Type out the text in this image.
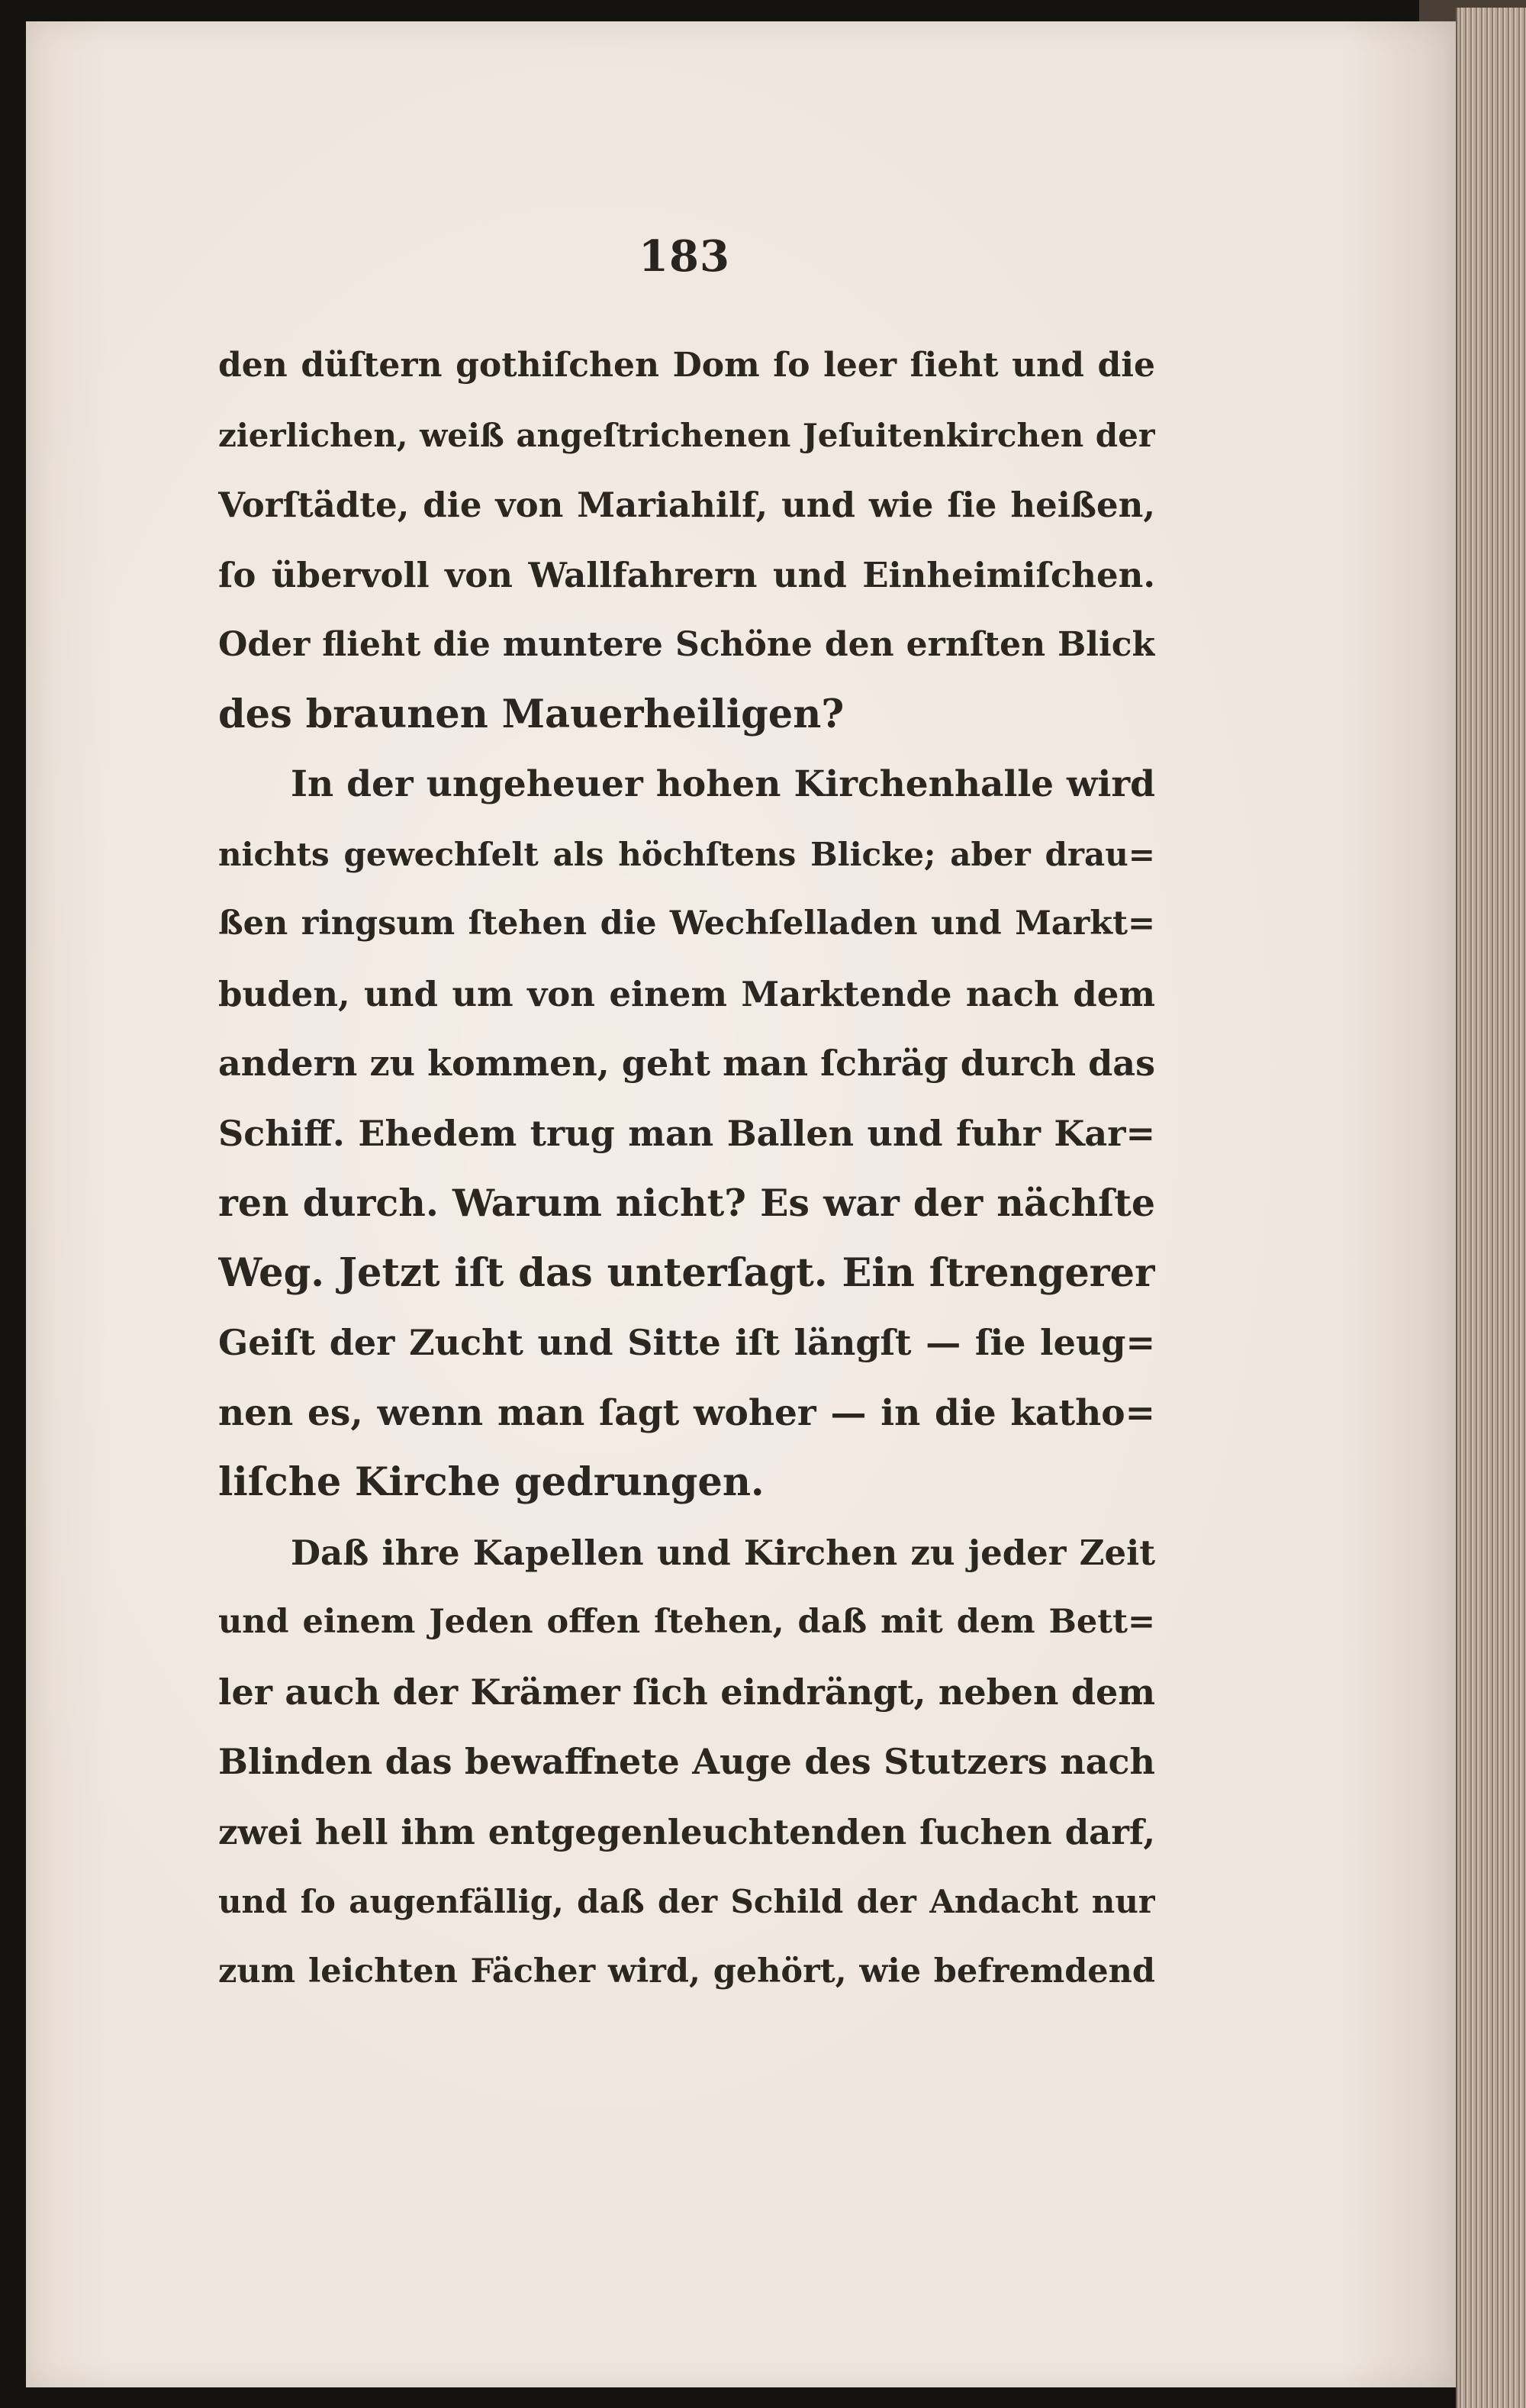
183
den düſtern gothiſchen Dom ſo leer ſieht und die
zierlichen, weiß angeſtrichenen Jeſuitenkirchen der
Vorſtädte, die von Mariahilf, und wie ſie heißen,
ſo übervoll von Wallfahrern und Einheimiſchen.
Oder flieht die muntere Schöne den ernſten Blick
des braunen Mauerheiligen?
In der ungeheuer hohen Kirchenhalle wird
nichts gewechſelt als höchſtens Blicke; aber drau=
ßen ringsum ſtehen die Wechſelladen und Markt=
buden, und um von einem Marktende nach dem
andern zu kommen, geht man ſchräg durch das
Schiff. Ehedem trug man Ballen und fuhr Kar=
ren durch. Warum nicht? Es war der nächſte
Weg. Jetzt iſt das unterſagt. Ein ſtrengerer
Geiſt der Zucht und Sitte iſt längſt — ſie leug=
nen es, wenn man ſagt woher — in die katho=
liſche Kirche gedrungen.
Daß ihre Kapellen und Kirchen zu jeder Zeit
und einem Jeden offen ſtehen, daß mit dem Bett=
ler auch der Krämer ſich eindrängt, neben dem
Blinden das bewaffnete Auge des Stutzers nach
zwei hell ihm entgegenleuchtenden ſuchen darf,
und ſo augenfällig, daß der Schild der Andacht nur
zum leichten Fächer wird, gehört, wie befremdend
